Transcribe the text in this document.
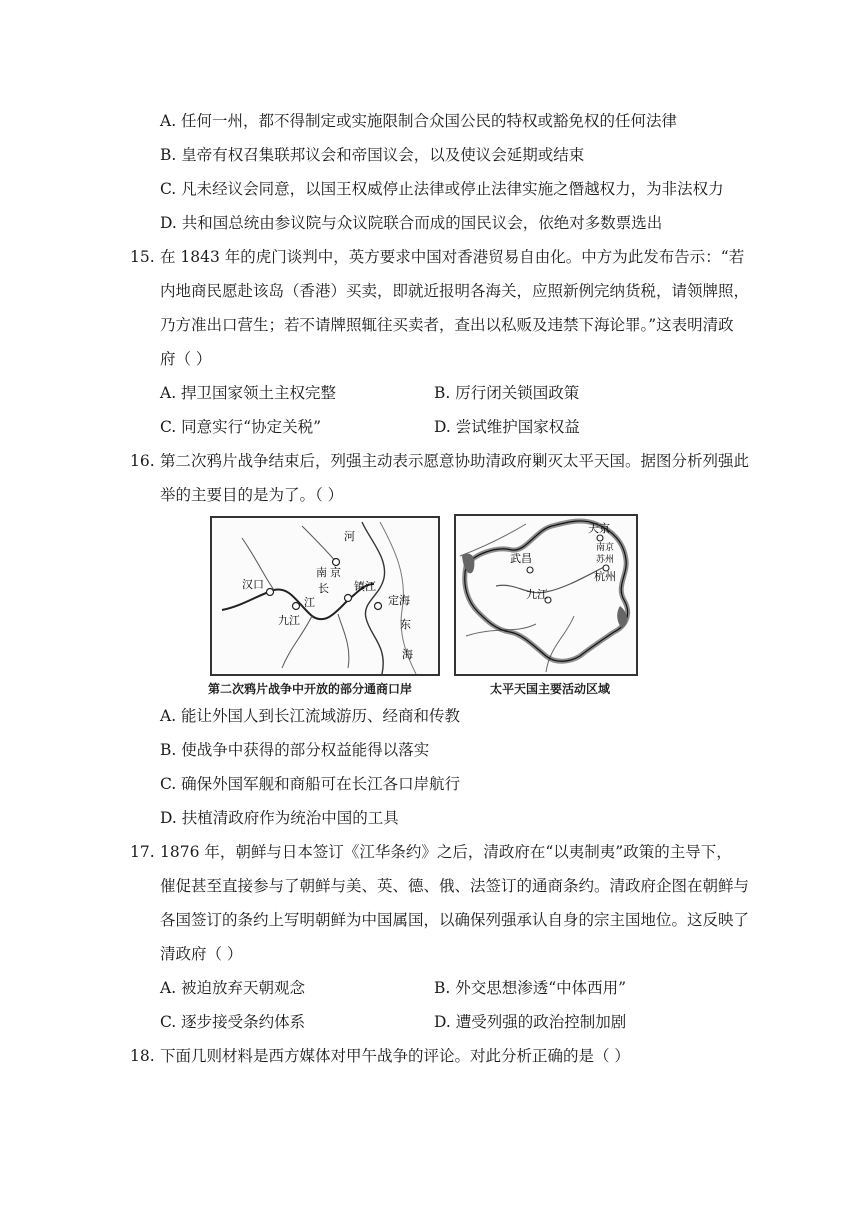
A. 任何一州，都不得制定或实施限制合众国公民的特权或豁免权的任何法律
B. 皇帝有权召集联邦议会和帝国议会，以及使议会延期或结束
C. 凡未经议会同意，以国王权威停止法律或停止法律实施之僭越权力，为非法权力
D. 共和国总统由参议院与众议院联合而成的国民议会，依绝对多数票选出
15. 在 1843 年的虎门谈判中，英方要求中国对香港贸易自由化。中方为此发布告示：“若
内地商民愿赴该岛（香港）买卖，即就近报明各海关，应照新例完纳货税，请领牌照，
乃方准出口营生；若不请牌照辄往买卖者，查出以私贩及违禁下海论罪。”这表明清政
府（ ）
A. 捍卫国家领土主权完整	B. 厉行闭关锁国政策
C. 同意实行“协定关税”	D. 尝试维护国家权益
16. 第二次鸦片战争结束后，列强主动表示愿意协助清政府剿灭太平天国。据图分析列强此
举的主要目的是为了。（ ）
河
南 京
汉口	长 镇江
江
九江
定海
东
海
第二次鸦片战争中开放的部分通商口岸
天京
南京
苏州
武昌
杭州
九江
太平天国主要活动区域
A. 能让外国人到长江流域游历、经商和传教
B. 使战争中获得的部分权益能得以落实
C. 确保外国军舰和商船可在长江各口岸航行
D. 扶植清政府作为统治中国的工具
17. 1876 年，朝鲜与日本签订《江华条约》之后，清政府在“以夷制夷”政策的主导下，
催促甚至直接参与了朝鲜与美、英、德、俄、法签订的通商条约。清政府企图在朝鲜与
各国签订的条约上写明朝鲜为中国属国，以确保列强承认自身的宗主国地位。这反映了
清政府（ ）
A. 被迫放弃天朝观念	B. 外交思想渗透“中体西用”
C. 逐步接受条约体系	D. 遭受列强的政治控制加剧
18. 下面几则材料是西方媒体对甲午战争的评论。对此分析正确的是（ ）
